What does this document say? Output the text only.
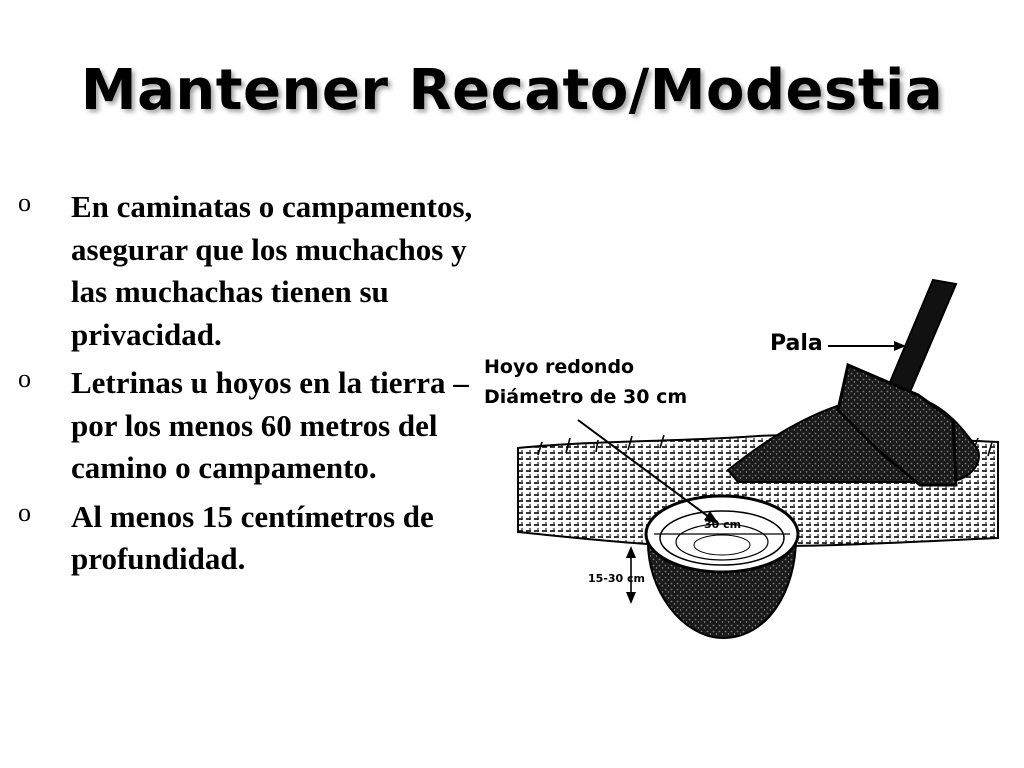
Mantener Recato/Modestia
o En caminatas o campamentos, asegurar que los muchachos y las muchachas tienen su privacidad.
o Letrinas u hoyos en la tierra – por los menos 60 metros del camino o campamento.
o Al menos 15 centímetros de profundidad.
Pala
Hoyo redondo
Diámetro de 30 cm
30 cm
15-30 cm
